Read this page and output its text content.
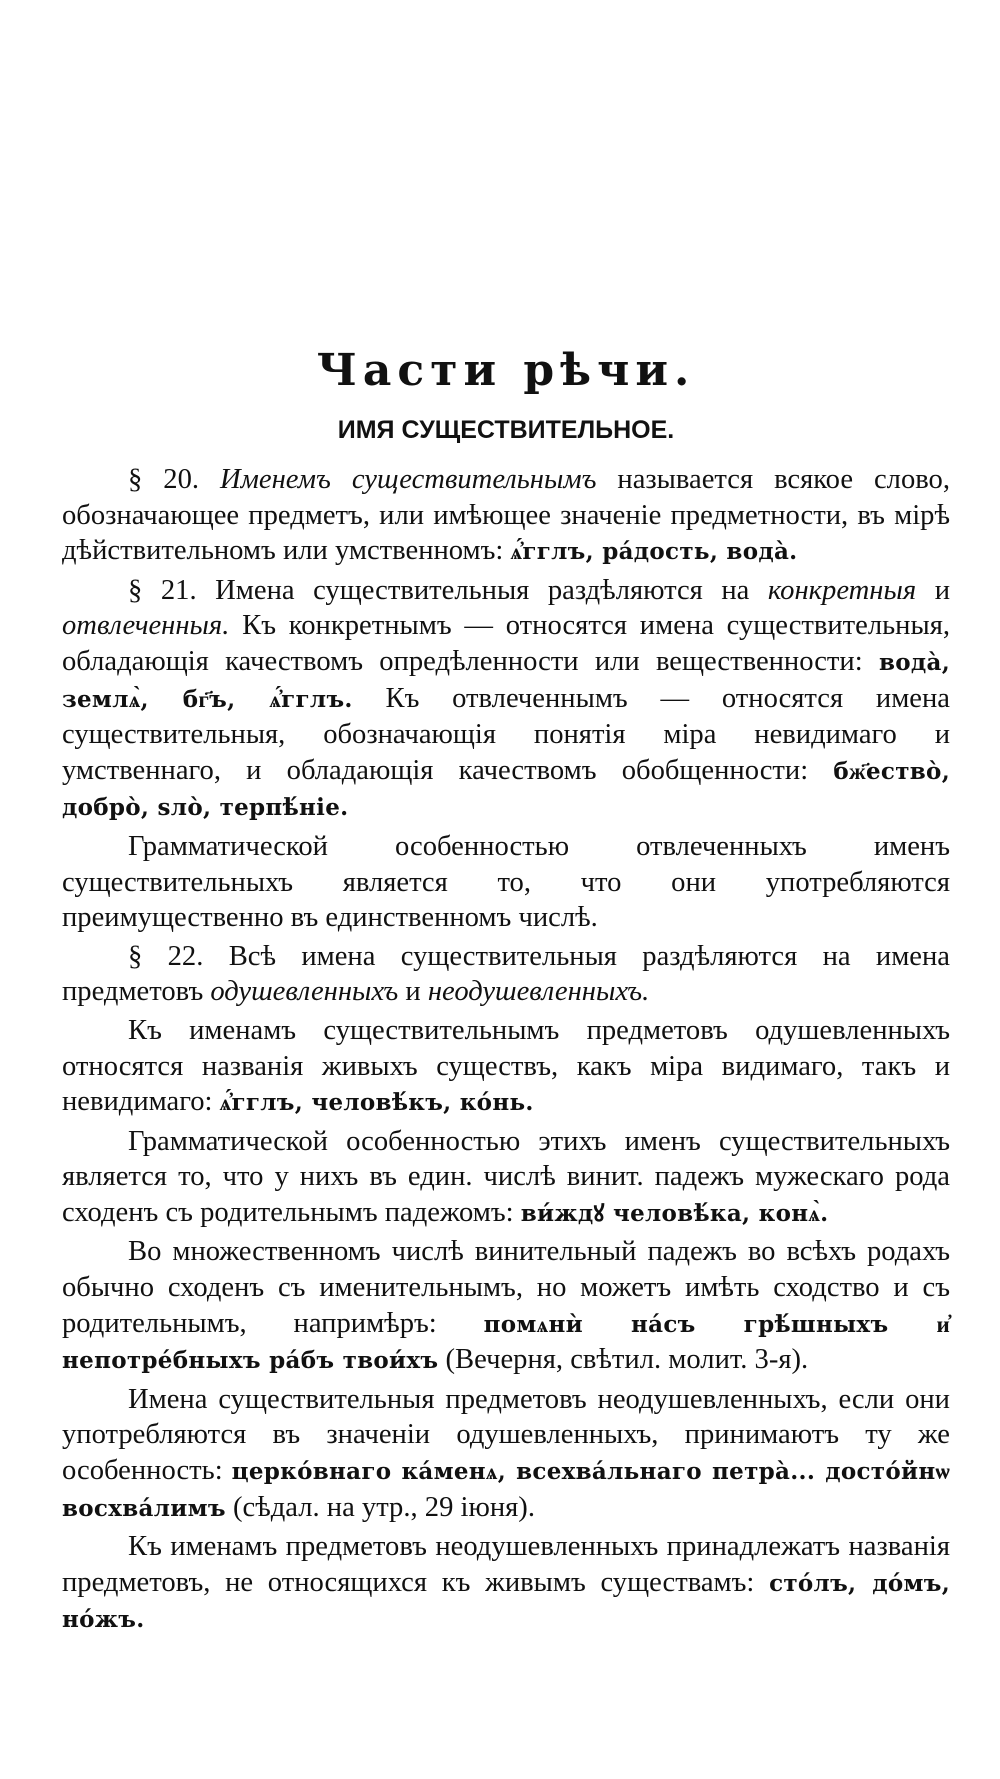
Части рѣчи.
ИМЯ СУЩЕСТВИТЕЛЬНОЕ.

§ 20. Именемъ существительнымъ называется всякое слово, обозначающее предметъ, или имѣющее значеніе предметности, въ мірѣ дѣйствительномъ или умственномъ: ѧ҆́гглъ, ра́дость, вода̀.

§ 21. Имена существительныя раздѣляются на конкретныя и отвлеченныя. Къ конкретнымъ — относятся имена существительныя, обладающія качествомъ опредѣленности или вещественности: вода̀, землѧ̀, бг҃ъ, ѧ҆́гглъ. Къ отвлеченнымъ — относятся имена существительныя, обозначающія понятія міра невидимаго и умственнаго, и обладающія качествомъ обобщенности: бж҃ество̀, добро̀, ѕло̀, терпѣ́ніе.

Грамматической особенностью отвлеченныхъ именъ существительныхъ является то, что они употребляются преимущественно въ единственномъ числѣ.

§ 22. Всѣ имена существительныя раздѣляются на имена предметовъ одушевленныхъ и неодушевленныхъ.

Къ именамъ существительнымъ предметовъ одушевленныхъ относятся названія живыхъ существъ, какъ міра видимаго, такъ и невидимаго: ѧ҆́гглъ, человѣ́къ, ко́нь.

Грамматической особенностью этихъ именъ существительныхъ является то, что у нихъ въ един. числѣ винит. падежъ мужескаго рода сходенъ съ родительнымъ падежомъ: ви́ждꙋ человѣ́ка, конѧ̀.

Во множественномъ числѣ винительный падежъ во всѣхъ родахъ обычно сходенъ съ именительнымъ, но можетъ имѣть сходство и съ родительнымъ, напримѣръ: помѧнѝ на́съ грѣ́шныхъ и҆ непотре́бныхъ ра́бъ твои́хъ (Вечерня, свѣтил. молит. 3-я).

Имена существительныя предметовъ неодушевленныхъ, если они употребляются въ значеніи одушевленныхъ, принимаютъ ту же особенность: церко́внаго ка́менѧ, всехва́льнаго петра̀... досто́йнѡ восхва́лимъ (сѣдал. на утр., 29 іюня).

Къ именамъ предметовъ неодушевленныхъ принадлежатъ названія предметовъ, не относящихся къ живымъ существамъ: сто́лъ, до́мъ, но́жъ.
